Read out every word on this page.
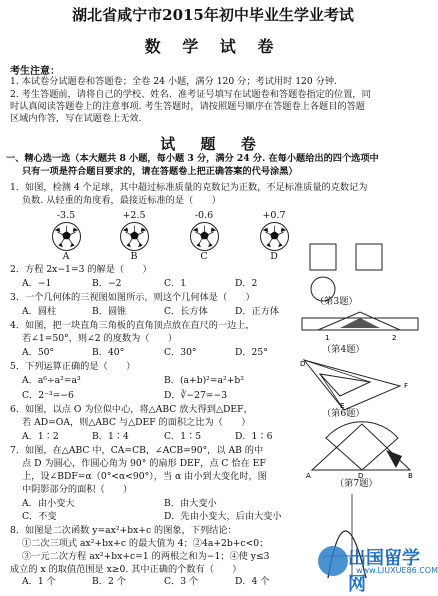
湖北省咸宁市2015年初中毕业生学业考试
数 学 试 卷
考生注意：
1. 本试卷分试题卷和答题卷；全卷 24 小题，满分 120 分；考试用时 120 分钟.
2. 考生答题前，请将自己的学校、姓名、准考证号填写在试题卷和答题卷指定的位置，同
时认真阅读答题卷上的注意事项. 考生答题时，请按照题号顺序在答题卷上各题目的答题
区域内作答，写在试题卷上无效.
试 题 卷
一、精心选一选（本大题共 8 小题，每小题 3 分，满分 24 分. 在每小题给出的四个选项中
只有一项是符合题目要求的，请在答题卷上把正确答案的代号涂黑）
1．如图，检测 4 个足球，其中超过标准质量的克数记为正数，不足标准质量的克数记为
负数. 从轻重的角度看，最接近标准的是（　　）
-3.5	+2.5	-0.6	+0.7
A	B	C	D
2．方程 2x−1=3 的解是（　　）
A．−1	B．−2	C．1	D．2
3．一个几何体的三视图如图所示，则这个几何体是（　　）
A．圆柱	B．圆锥	C．长方体	D．正方体
4．如图，把一块直角三角板的直角顶点放在直尺的一边上，
若∠1=50°，则∠2 的度数为（　　）
A．50°	B．40°	C．30°	D．25°
5．下列运算正确的是（　　）
A．a⁶÷a²=a³	B．(a+b)²=a²+b²
C．2⁻³=−6	D．∛−27=−3
6．如图，以点 O 为位似中心，将△ABC 放大得到△DEF，
若 AD=OA，则△ABC 与△DEF 的面积之比为（　　）
A．1∶2	B．1∶4	C．1∶5	D．1∶6
7．如图，在△ABC 中，CA=CB，∠ACB=90°，以 AB 的中
点 D 为圆心，作圆心角为 90° 的扇形 DEF，点 C 恰在 EF
上，设∠BDF=α（0°<α<90°），当 α 由小到大变化时，图
中阴影部分的面积（　　）
A．由小变大	B．由大变小
C．不变	D．先由小变大，后由大变小
8．如图是二次函数 y=ax²+bx+c 的图象，下列结论：
①二次三项式 ax²+bx+c 的最大值为 4；②4a+2b+c<0；
③一元二次方程 ax²+bx+c=1 的两根之和为−1；④使 y≤3
成立的 x 的取值范围是 x≥0. 其中正确的个数有（　　）
A．1 个	B．2 个	C．3 个	D．4 个
（第3题）
1	2
（第4题）
D
F
E
（第6题）
D
A	B
（第7题）
出国留学网
www.LIUXUE86.COM
